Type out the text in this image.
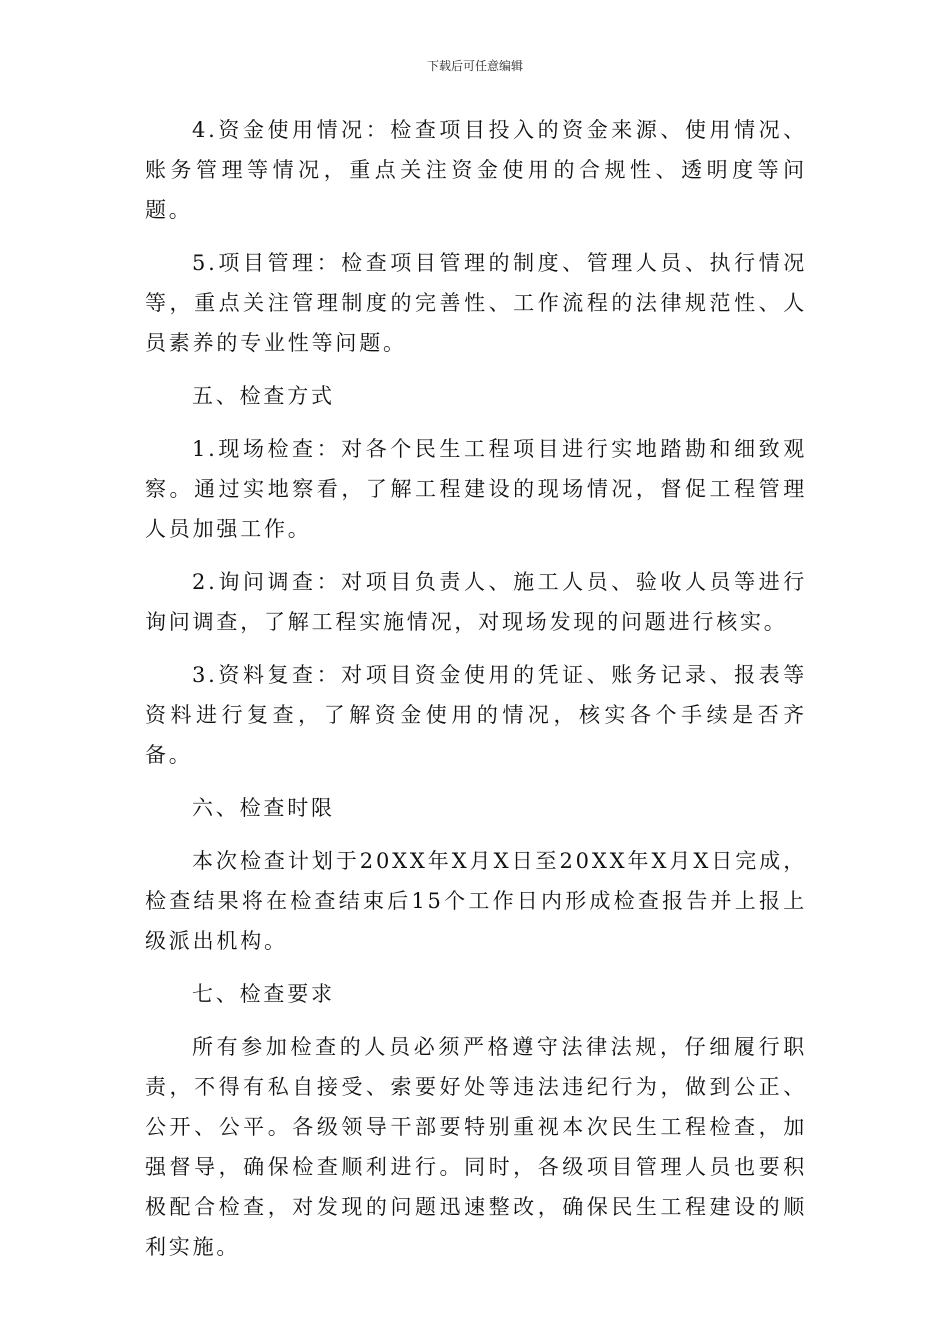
下载后可任意编辑

4.资金使用情况：检查项目投入的资金来源、使用情况、账务管理等情况，重点关注资金使用的合规性、透明度等问题。

5.项目管理：检查项目管理的制度、管理人员、执行情况等，重点关注管理制度的完善性、工作流程的法律规范性、人员素养的专业性等问题。

五、检查方式

1.现场检查：对各个民生工程项目进行实地踏勘和细致观察。通过实地察看，了解工程建设的现场情况，督促工程管理人员加强工作。

2.询问调查：对项目负责人、施工人员、验收人员等进行询问调查，了解工程实施情况，对现场发现的问题进行核实。

3.资料复查：对项目资金使用的凭证、账务记录、报表等资料进行复查，了解资金使用的情况，核实各个手续是否齐备。

六、检查时限

本次检查计划于20XX年X月X日至20XX年X月X日完成，检查结果将在检查结束后15个工作日内形成检查报告并上报上级派出机构。

七、检查要求

所有参加检查的人员必须严格遵守法律法规，仔细履行职责，不得有私自接受、索要好处等违法违纪行为，做到公正、公开、公平。各级领导干部要特别重视本次民生工程检查，加强督导，确保检查顺利进行。同时，各级项目管理人员也要积极配合检查，对发现的问题迅速整改，确保民生工程建设的顺利实施。
